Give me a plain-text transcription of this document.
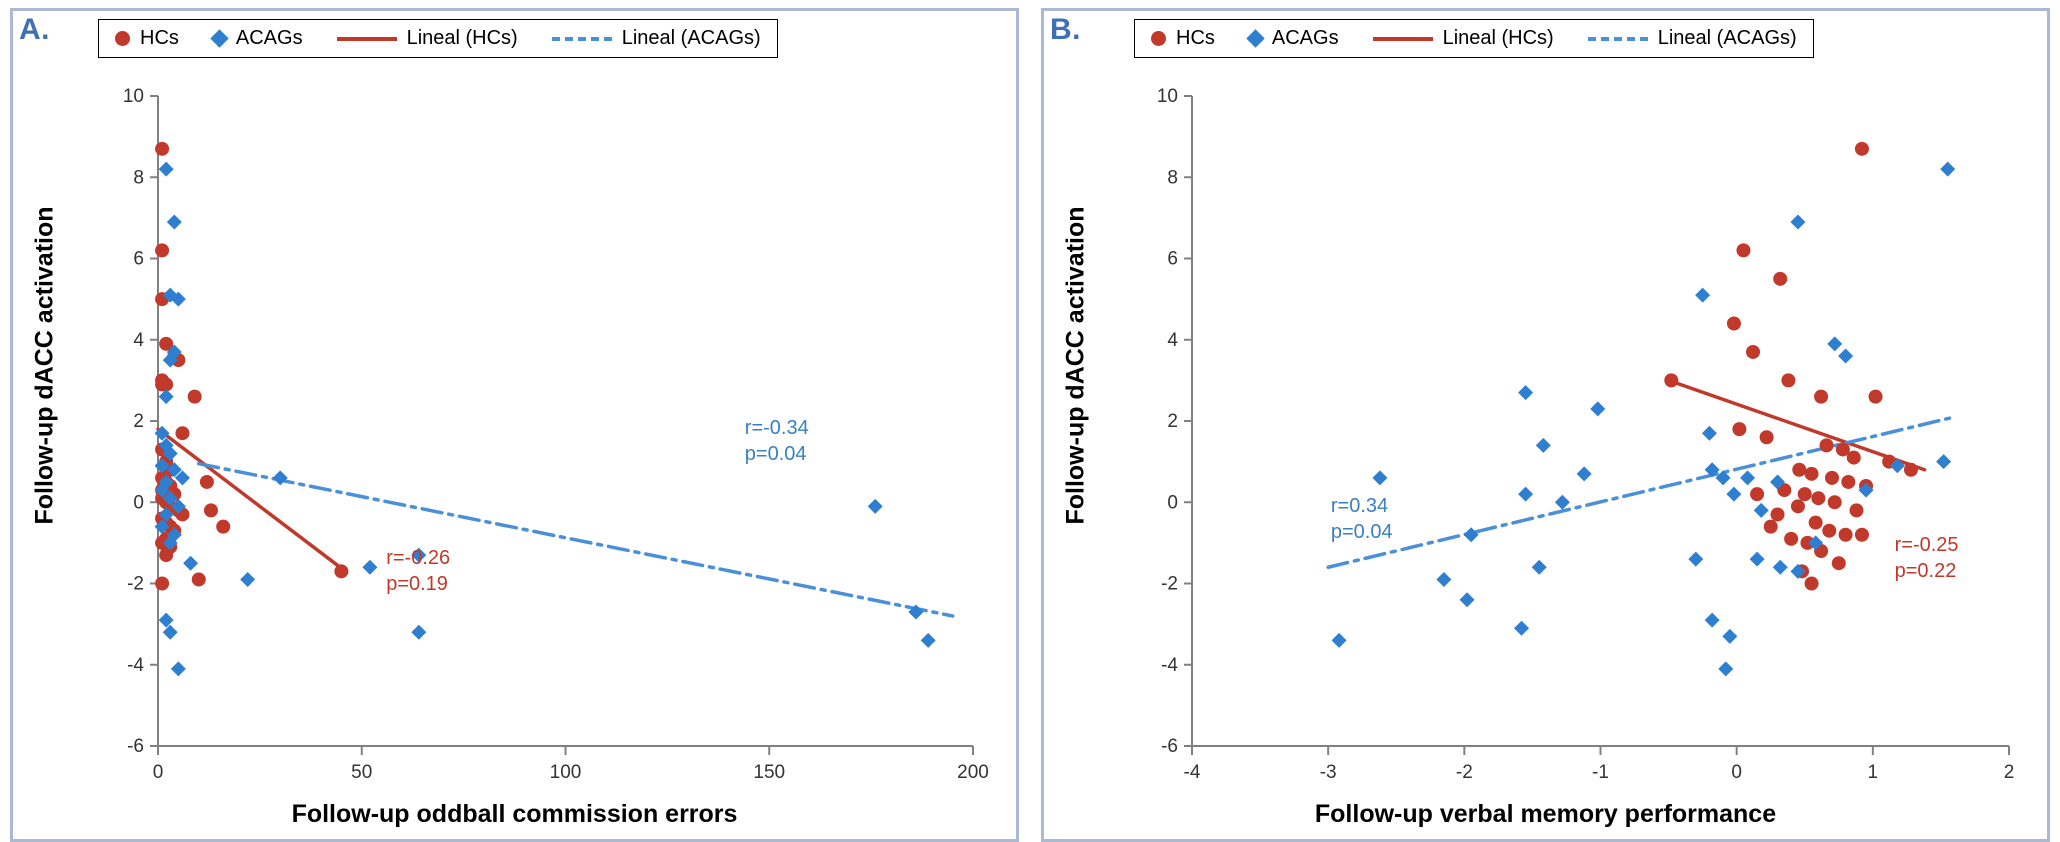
A.	HCs	ACAGs	Lineal (HCs)	Lineal (ACAGs)
-6
-4
-2
0
2
4
6
8
10
0	50	100	150	200
r=-0.26
p=0.19
r=-0.34
p=0.04
Follow-up oddball commission errors
Follow-up dACC activation
B.	HCs	ACAGs	Lineal (HCs)	Lineal (ACAGs)
-6
-4
-2
0
2
4
6
8
10
-4	-3	-2	-1	0	1	2
r=0.34
p=0.04
r=-0.25
p=0.22
Follow-up verbal memory performance
Follow-up dACC activation
